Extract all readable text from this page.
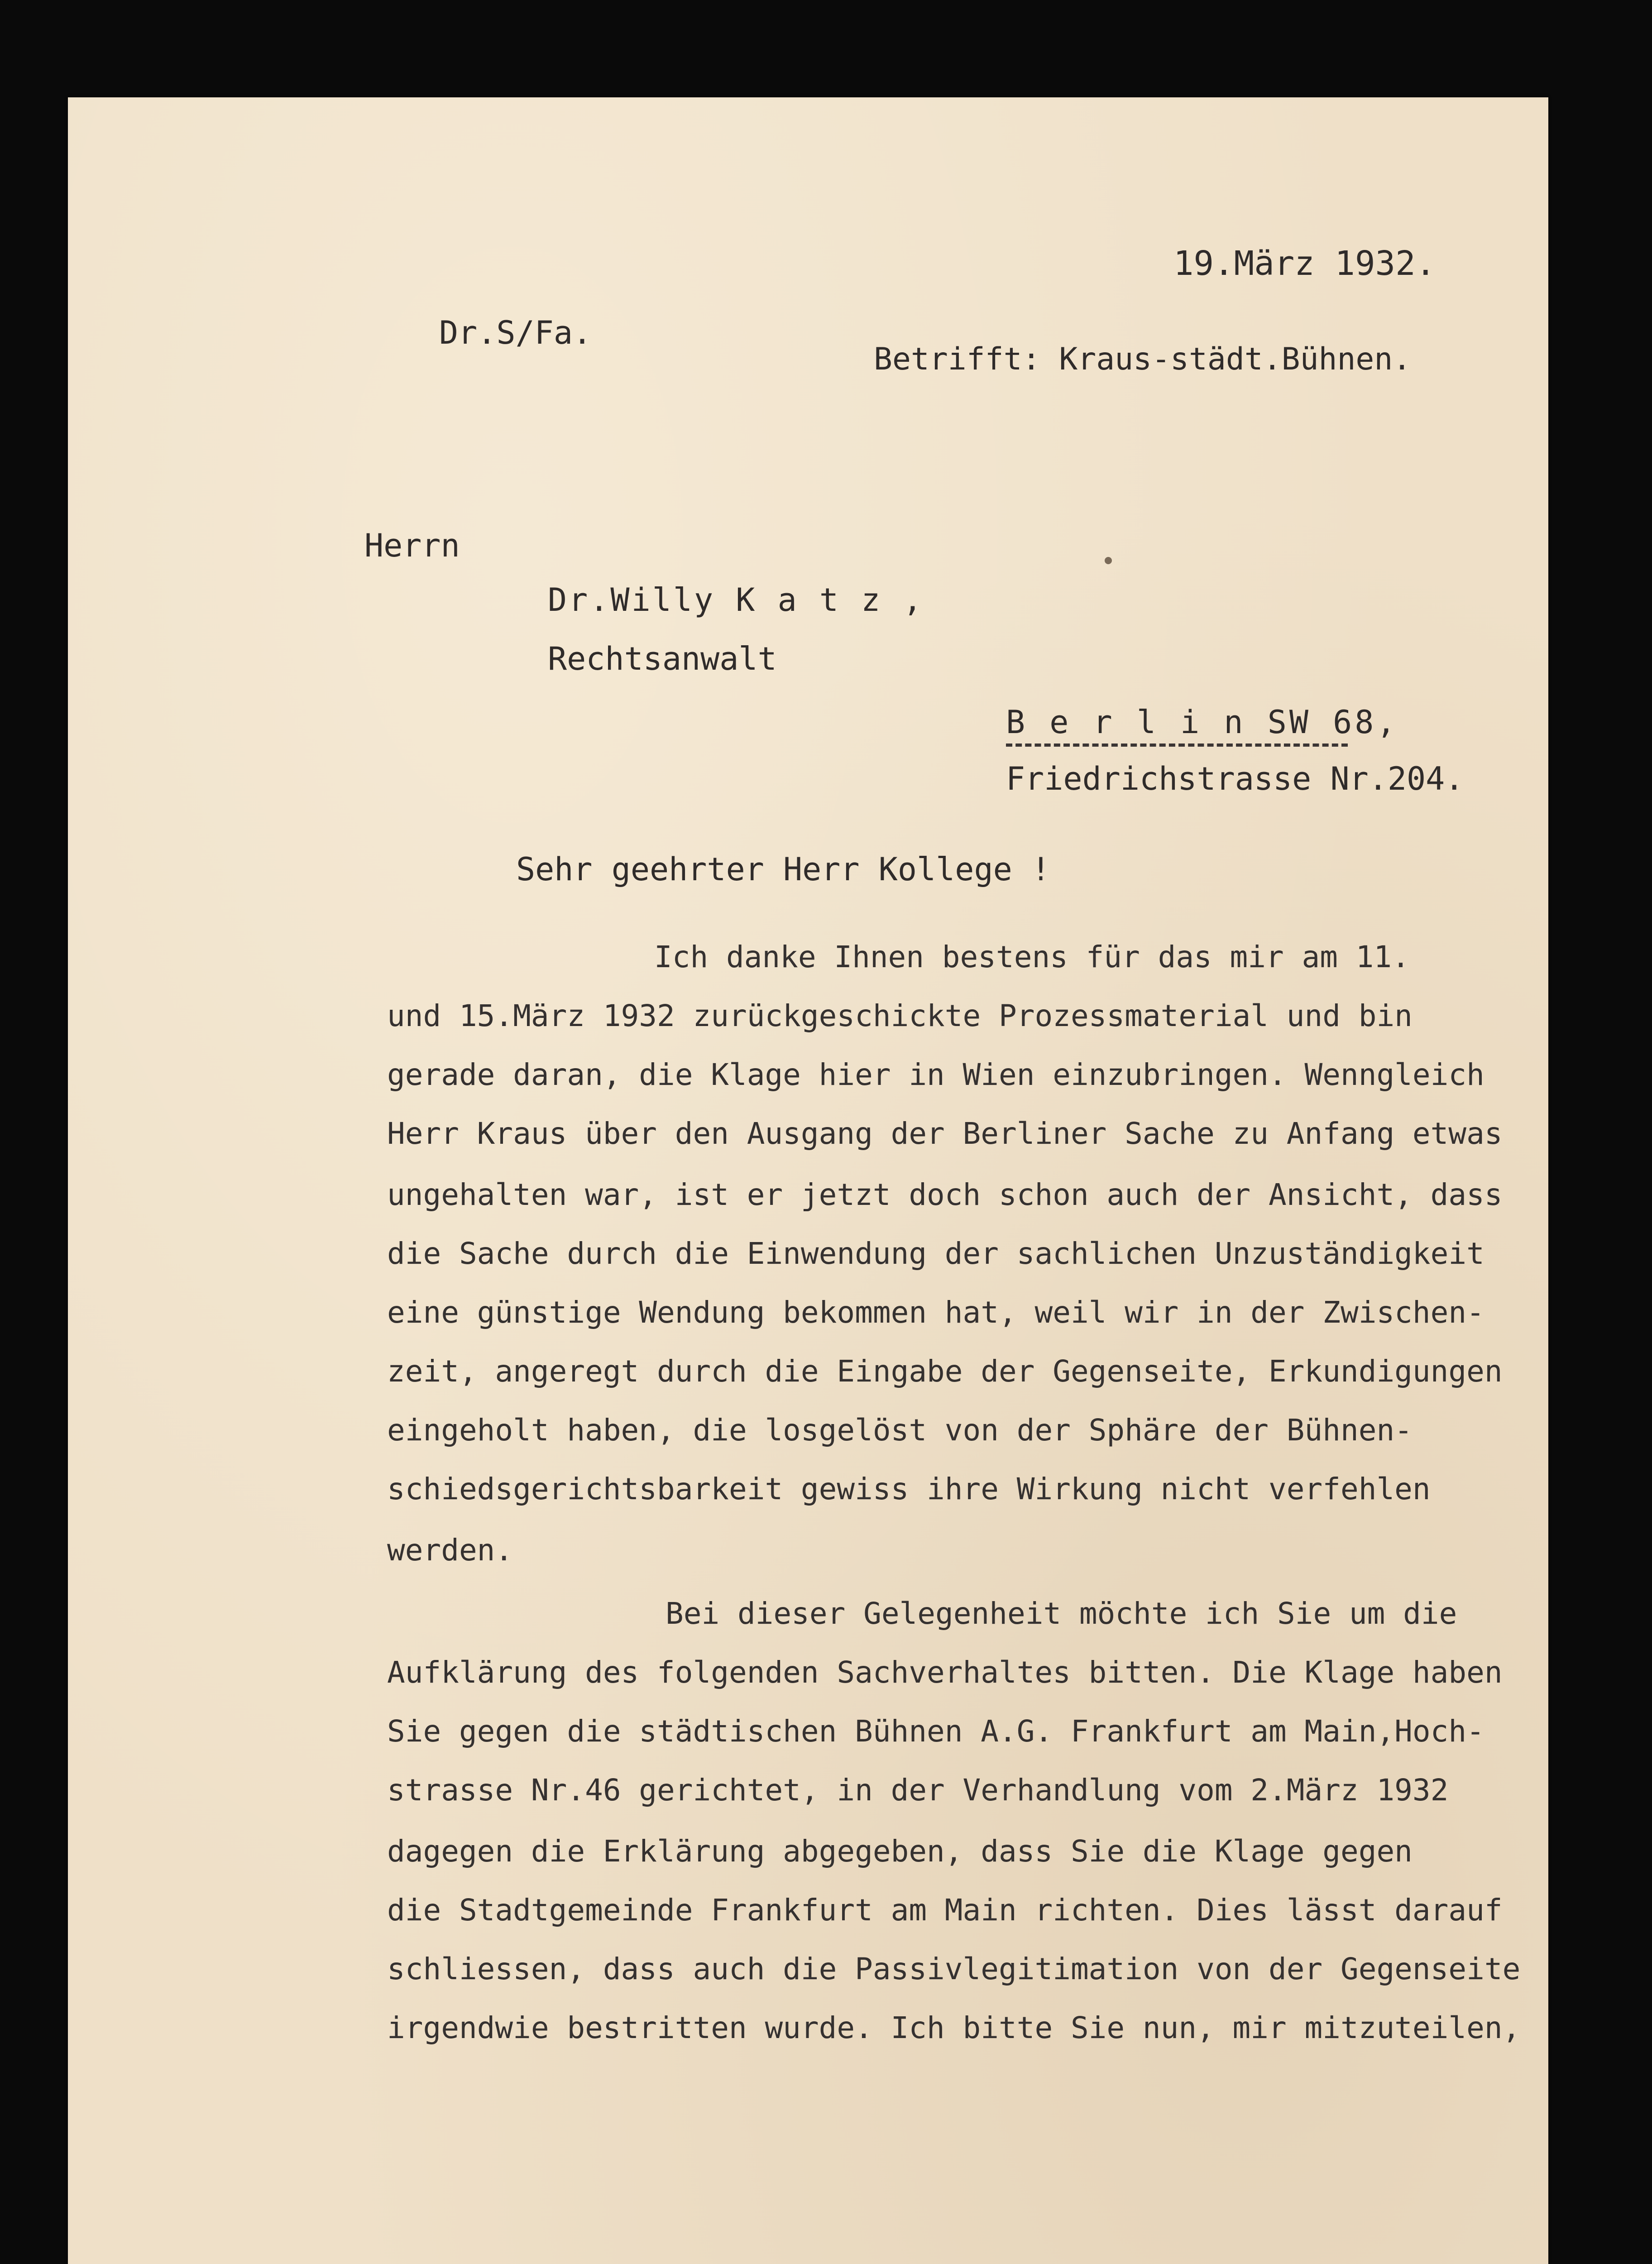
19.März 1932.
Dr.S/Fa.
Betrifft: Kraus-städt.Bühnen.
Herrn
Dr.Willy K a t z ,
Rechtsanwalt
B e r l i n SW 68,
Friedrichstrasse Nr.204.
Sehr geehrter Herr Kollege !
Ich danke Ihnen bestens für das mir am 11.
und 15.März 1932 zurückgeschickte Prozessmaterial und bin
gerade daran, die Klage hier in Wien einzubringen. Wenngleich
Herr Kraus über den Ausgang der Berliner Sache zu Anfang etwas
ungehalten war, ist er jetzt doch schon auch der Ansicht, dass
die Sache durch die Einwendung der sachlichen Unzuständigkeit
eine günstige Wendung bekommen hat, weil wir in der Zwischen-
zeit, angeregt durch die Eingabe der Gegenseite, Erkundigungen
eingeholt haben, die losgelöst von der Sphäre der Bühnen-
schiedsgerichtsbarkeit gewiss ihre Wirkung nicht verfehlen
werden.
Bei dieser Gelegenheit möchte ich Sie um die
Aufklärung des folgenden Sachverhaltes bitten. Die Klage haben
Sie gegen die städtischen Bühnen A.G. Frankfurt am Main,Hoch-
strasse Nr.46 gerichtet, in der Verhandlung vom 2.März 1932
dagegen die Erklärung abgegeben, dass Sie die Klage gegen
die Stadtgemeinde Frankfurt am Main richten. Dies lässt darauf
schliessen, dass auch die Passivlegitimation von der Gegenseite
irgendwie bestritten wurde. Ich bitte Sie nun, mir mitzuteilen,
